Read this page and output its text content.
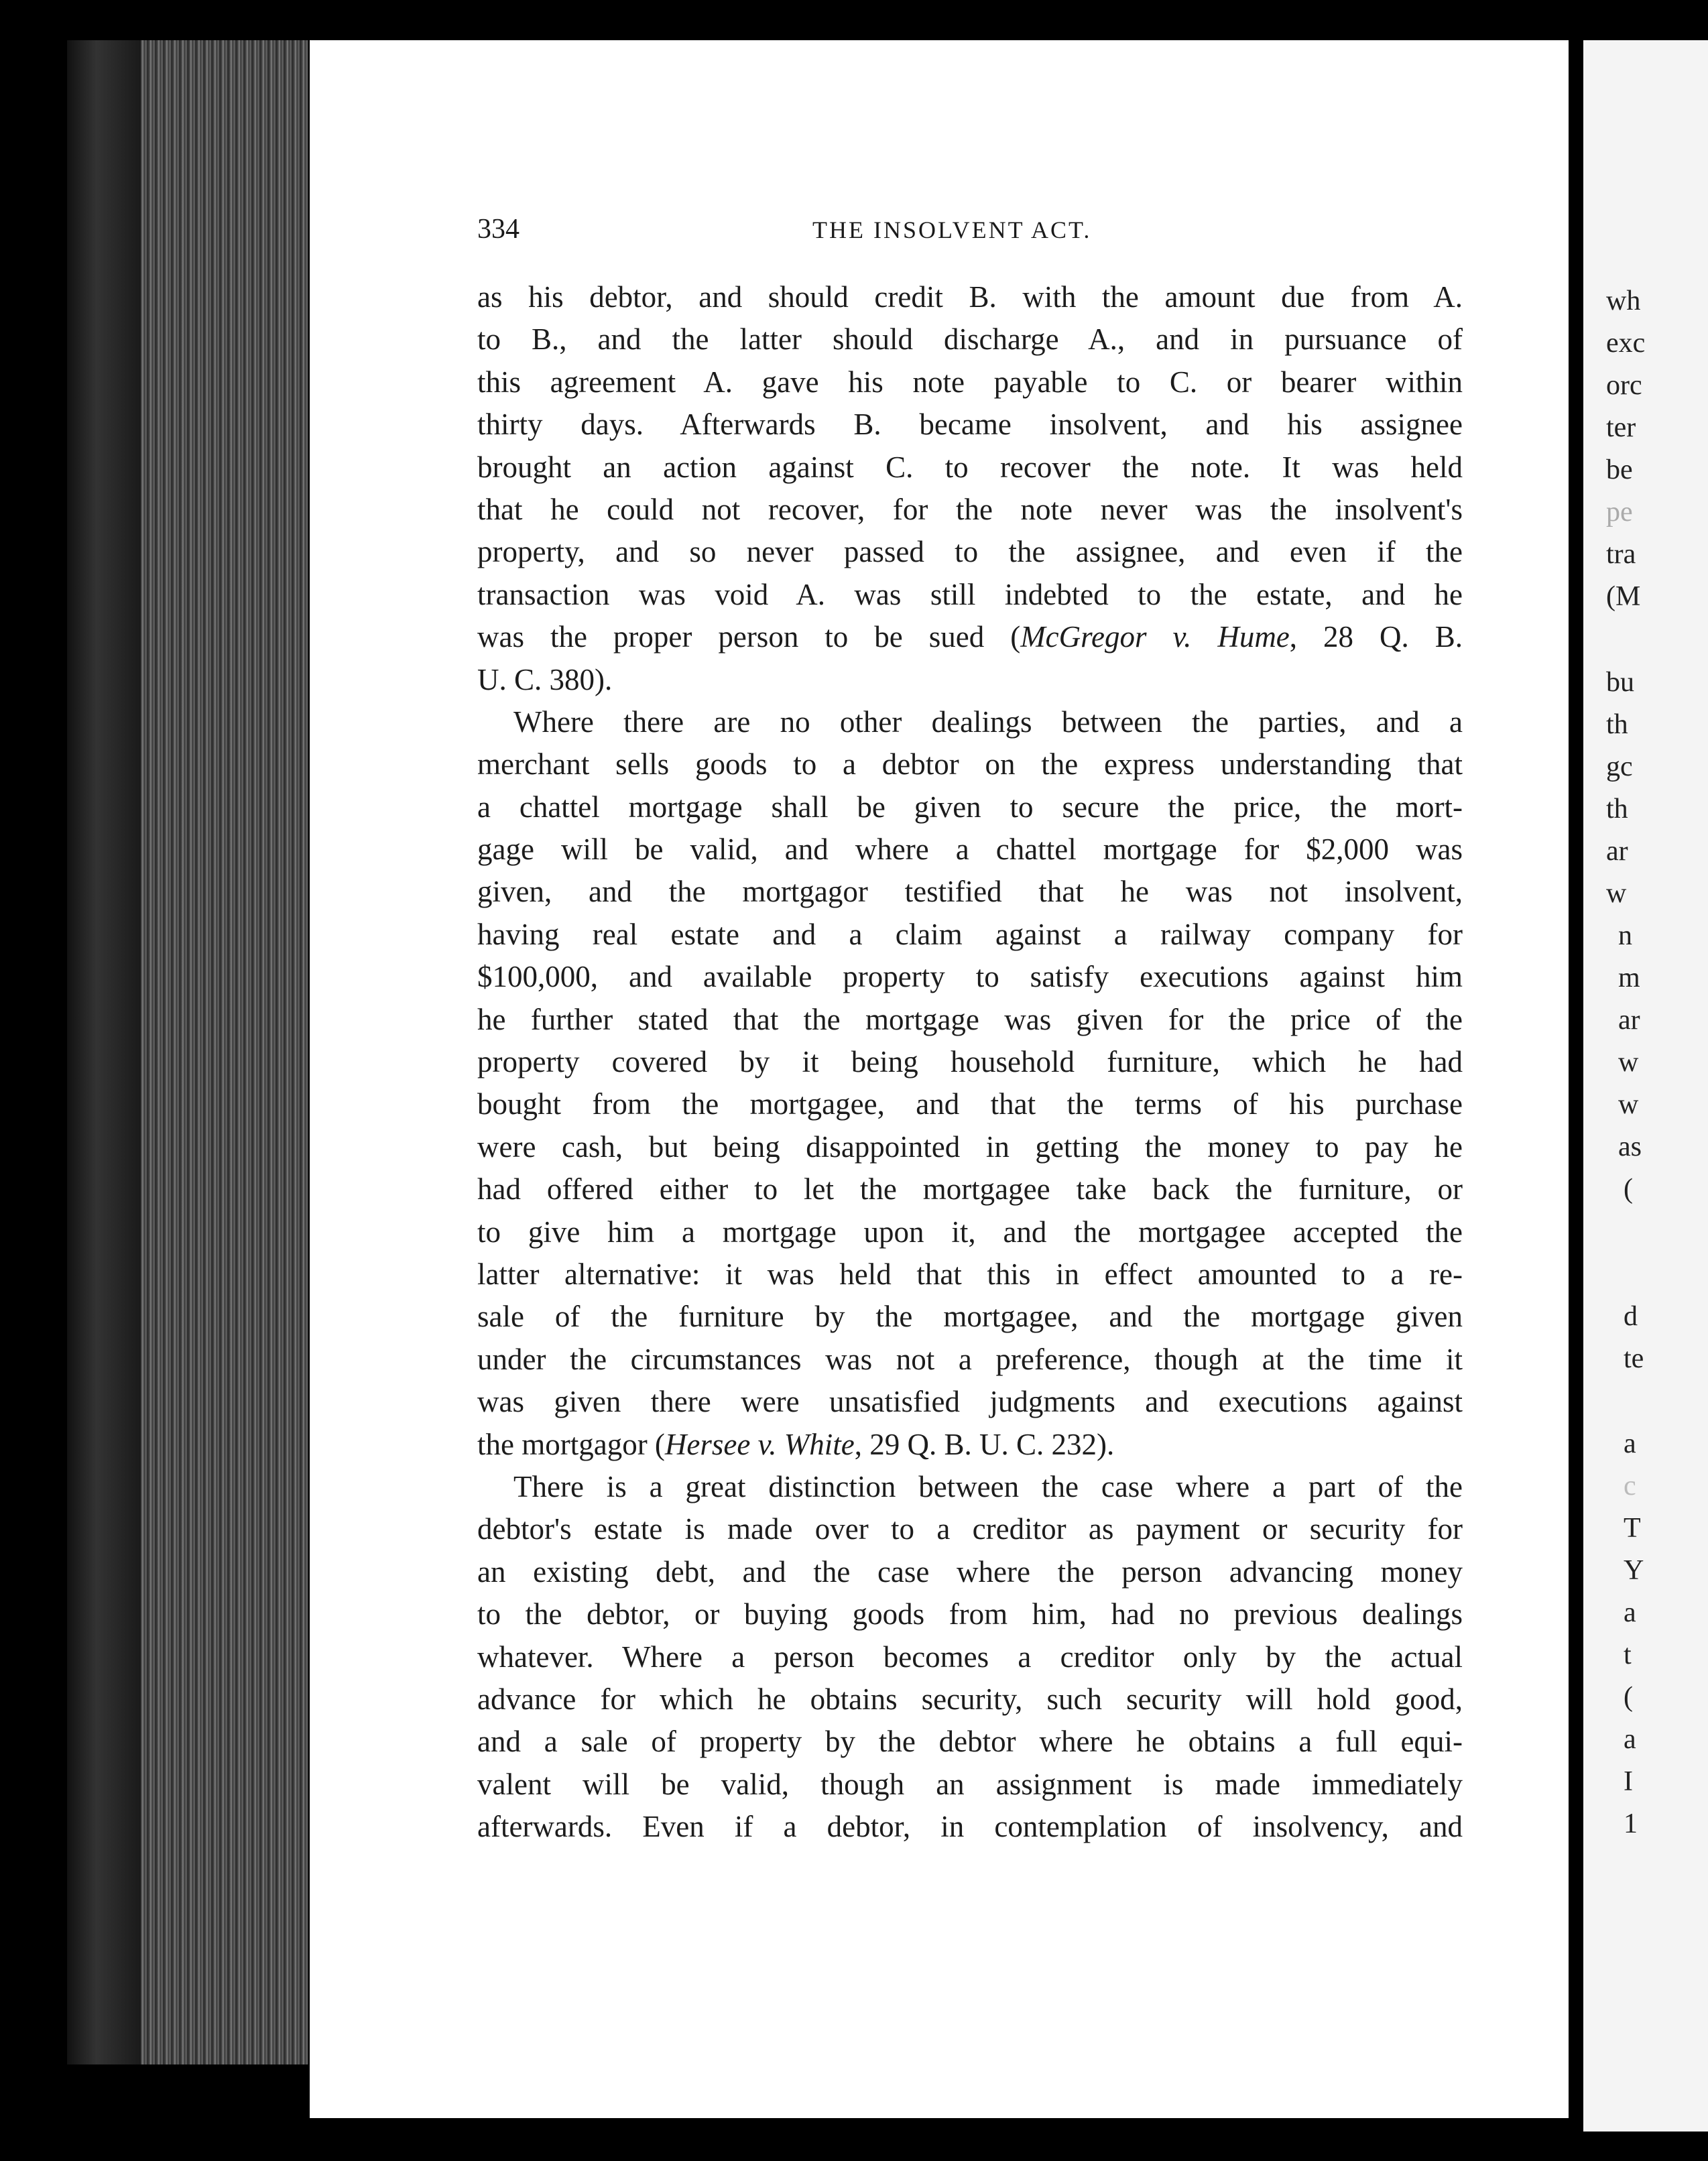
334	THE INSOLVENT ACT.
as his debtor, and should credit B. with the amount due from A.
to B., and the latter should discharge A., and in pursuance of
this agreement A. gave his note payable to C. or bearer within
thirty days. Afterwards B. became insolvent, and his assignee
brought an action against C. to recover the note. It was held
that he could not recover, for the note never was the insolvent's
property, and so never passed to the assignee, and even if the
transaction was void A. was still indebted to the estate, and he
was the proper person to be sued (McGregor v. Hume, 28 Q. B.
U. C. 380).
Where there are no other dealings between the parties, and a
merchant sells goods to a debtor on the express understanding that
a chattel mortgage shall be given to secure the price, the mort-
gage will be valid, and where a chattel mortgage for $2,000 was
given, and the mortgagor testified that he was not insolvent,
having real estate and a claim against a railway company for
$100,000, and available property to satisfy executions against him
he further stated that the mortgage was given for the price of the
property covered by it being household furniture, which he had
bought from the mortgagee, and that the terms of his purchase
were cash, but being disappointed in getting the money to pay he
had offered either to let the mortgagee take back the furniture, or
to give him a mortgage upon it, and the mortgagee accepted the
latter alternative: it was held that this in effect amounted to a re-
sale of the furniture by the mortgagee, and the mortgage given
under the circumstances was not a preference, though at the time it
was given there were unsatisfied judgments and executions against
the mortgagor (Hersee v. White, 29 Q. B. U. C. 232).
There is a great distinction between the case where a part of the
debtor's estate is made over to a creditor as payment or security for
an existing debt, and the case where the person advancing money
to the debtor, or buying goods from him, had no previous dealings
whatever. Where a person becomes a creditor only by the actual
advance for which he obtains security, such security will hold good,
and a sale of property by the debtor where he obtains a full equi-
valent will be valid, though an assignment is made immediately
afterwards. Even if a debtor, in contemplation of insolvency, and
wh
exc
orc
ter
be
pe
tra
(M
bu
th
gc
th
ar
w
n
m
ar
w
w
as
(
d
te
a
c
T
Y
a
t
(
a
I
1
